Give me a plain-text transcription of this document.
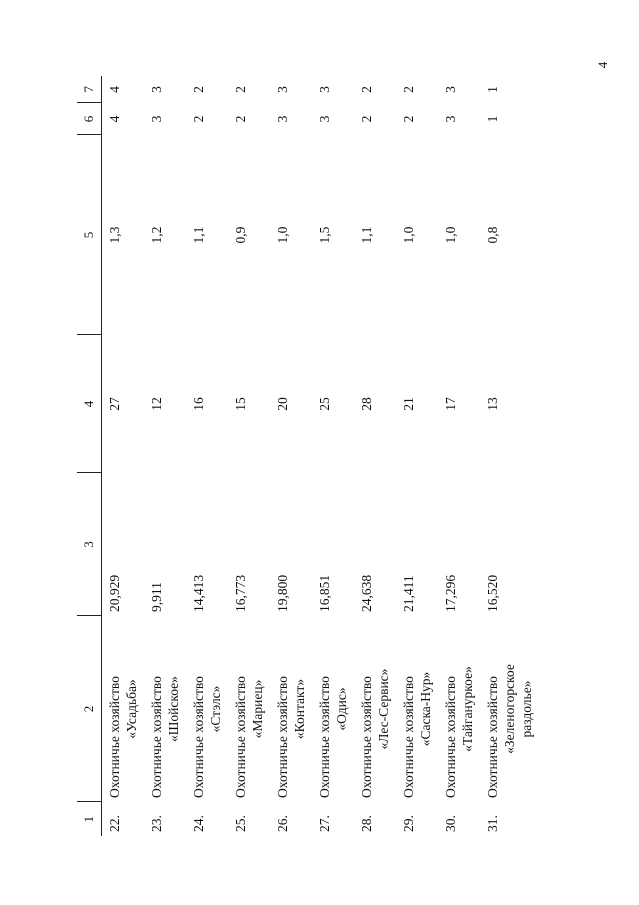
4
1	2	3	4	5	6	7
22.	Охотничье хозяйство «Усадьба»	20,929	27	1,3	4	4
23.	Охотничье хозяйство «Шойское»	9,911	12	1,2	3	3
24.	Охотничье хозяйство «Стэлс»	14,413	16	1,1	2	2
25.	Охотничье хозяйство «Мариец»	16,773	15	0,9	2	2
26.	Охотничье хозяйство «Контакт»	19,800	20	1,0	3	3
27.	Охотничье хозяйство «Одис»	16,851	25	1,5	3	3
28.	Охотничье хозяйство «Лес-Сервис»	24,638	28	1,1	2	2
29.	Охотничье хозяйство «Саска-Нур»	21,411	21	1,0	2	2
30.	Охотничье хозяйство «Тайгануркое»	17,296	17	1,0	3	3
31.	Охотничье хозяйство «Зеленогорское
раздолье»	16,520	13	0,8	1	1
